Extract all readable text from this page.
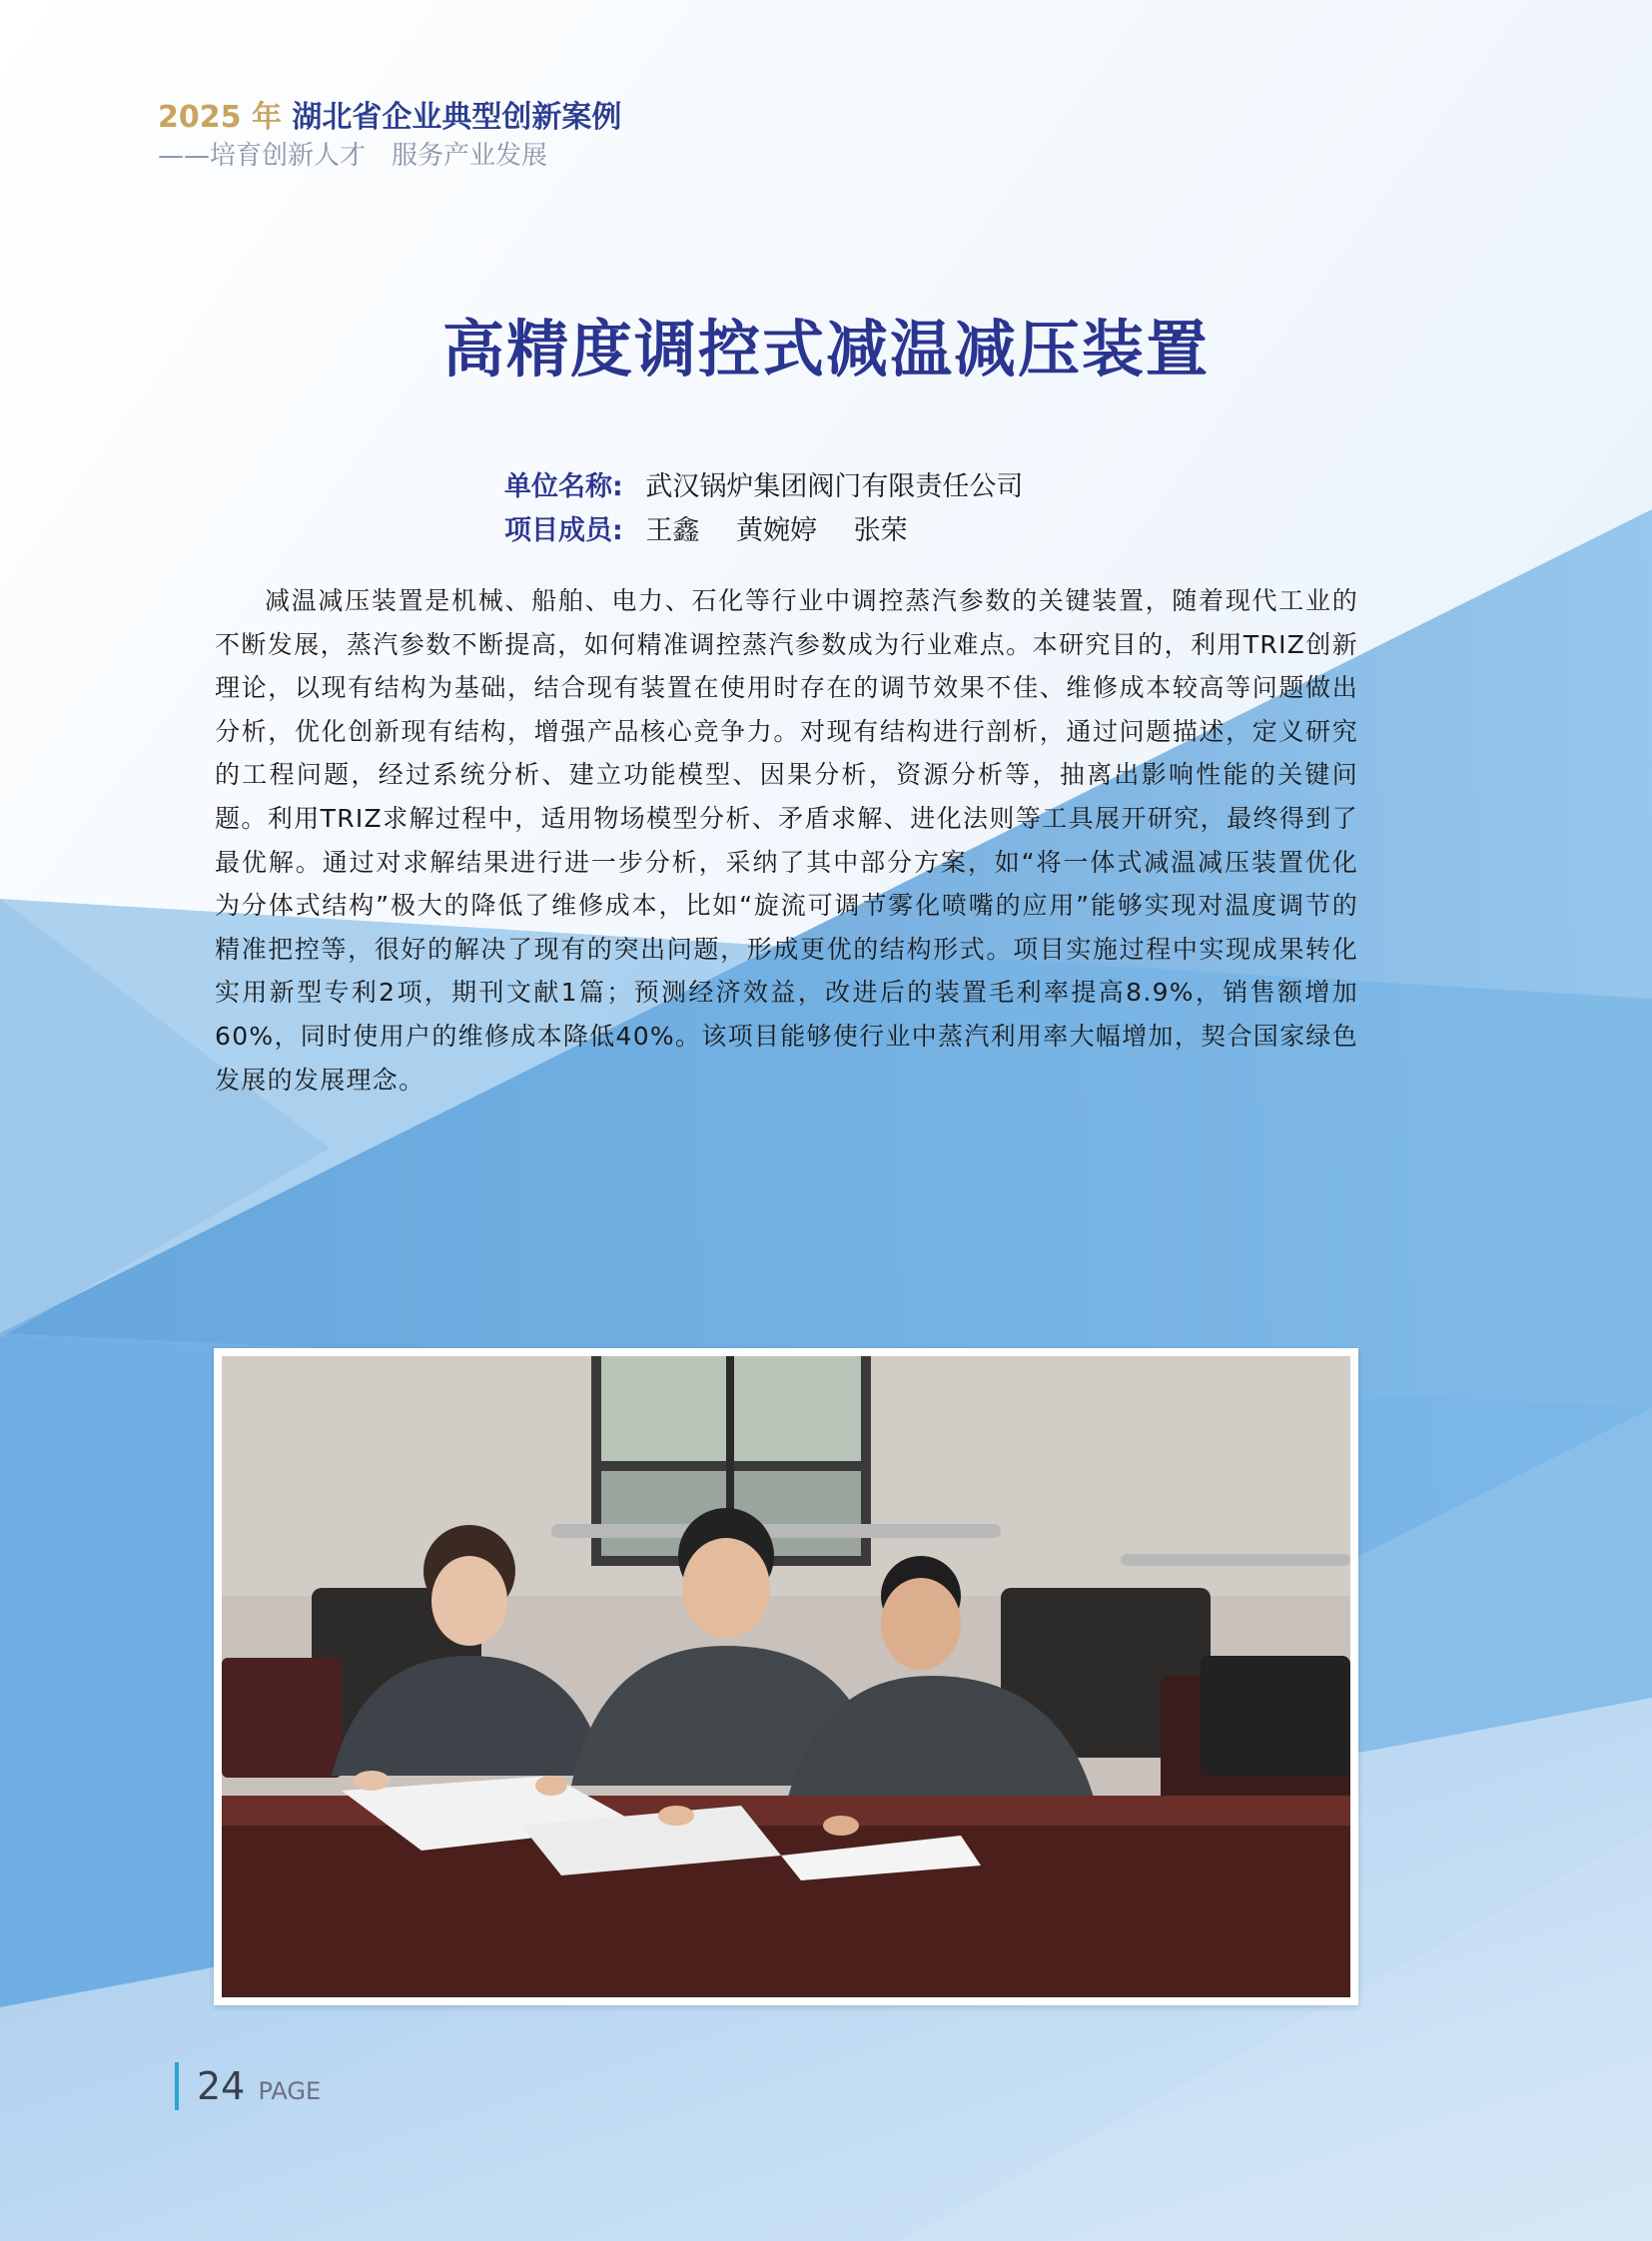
2025 年 湖北省企业典型创新案例
——培育创新人才　服务产业发展
高精度调控式减温减压装置
单位名称: 武汉锅炉集团阀门有限责任公司
项目成员: 王鑫 黄婉婷 张荣
减温减压装置是机械、船舶、电力、石化等行业中调控蒸汽参数的关键装置，随着现代工业的不断发展，蒸汽参数不断提高，如何精准调控蒸汽参数成为行业难点。本研究目的，利用TRIZ创新理论，以现有结构为基础，结合现有装置在使用时存在的调节效果不佳、维修成本较高等问题做出分析，优化创新现有结构，增强产品核心竞争力。对现有结构进行剖析，通过问题描述，定义研究的工程问题，经过系统分析、建立功能模型、因果分析，资源分析等，抽离出影响性能的关键问题。利用TRIZ求解过程中，适用物场模型分析、矛盾求解、进化法则等工具展开研究，最终得到了最优解。通过对求解结果进行进一步分析，采纳了其中部分方案，如“将一体式减温减压装置优化为分体式结构”极大的降低了维修成本，比如“旋流可调节雾化喷嘴的应用”能够实现对温度调节的精准把控等，很好的解决了现有的突出问题，形成更优的结构形式。项目实施过程中实现成果转化实用新型专利2项，期刊文献1篇；预测经济效益，改进后的装置毛利率提高8.9%，销售额增加60%，同时使用户的维修成本降低40%。该项目能够使行业中蒸汽利用率大幅增加，契合国家绿色发展的发展理念。
24 PAGE
